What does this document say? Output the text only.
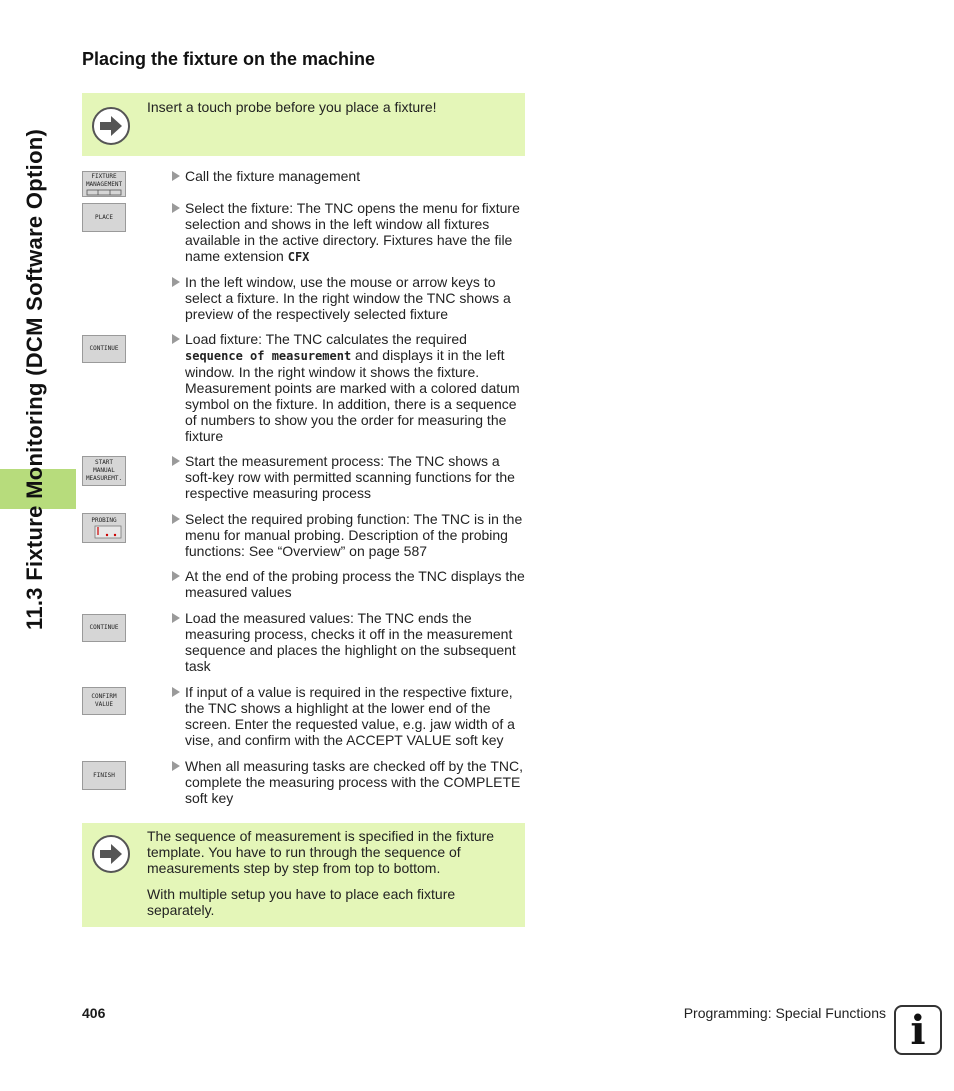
11.3 Fixture Monitoring (DCM Software Option)
Placing the fixture on the machine
Insert a touch probe before you place a fixture!
FIXTURE
MANAGEMENT
PLACE
CONTINUE
START
MANUAL
MEASUREMT.
PROBING
CONTINUE
CONFIRM
VALUE
FINISH
Call the fixture management
Select the fixture: The TNC opens the menu for fixture selection and shows in the left window all fixtures available in the active directory. Fixtures have the file name extension CFX
In the left window, use the mouse or arrow keys to select a fixture. In the right window the TNC shows a preview of the respectively selected fixture
Load fixture: The TNC calculates the required sequence of measurement and displays it in the left window. In the right window it shows the fixture. Measurement points are marked with a colored datum symbol on the fixture. In addition, there is a sequence of numbers to show you the order for measuring the fixture
Start the measurement process: The TNC shows a soft-key row with permitted scanning functions for the respective measuring process
Select the required probing function: The TNC is in the menu for manual probing. Description of the probing functions: See “Overview” on page 587
At the end of the probing process the TNC displays the measured values
Load the measured values: The TNC ends the measuring process, checks it off in the measurement sequence and places the highlight on the subsequent task
If input of a value is required in the respective fixture, the TNC shows a highlight at the lower end of the screen. Enter the requested value, e.g. jaw width of a vise, and confirm with the ACCEPT VALUE soft key
When all measuring tasks are checked off by the TNC, complete the measuring process with the COMPLETE soft key
The sequence of measurement is specified in the fixture template. You have to run through the sequence of measurements step by step from top to bottom.
With multiple setup you have to place each fixture separately.
406	Programming: Special Functions i
